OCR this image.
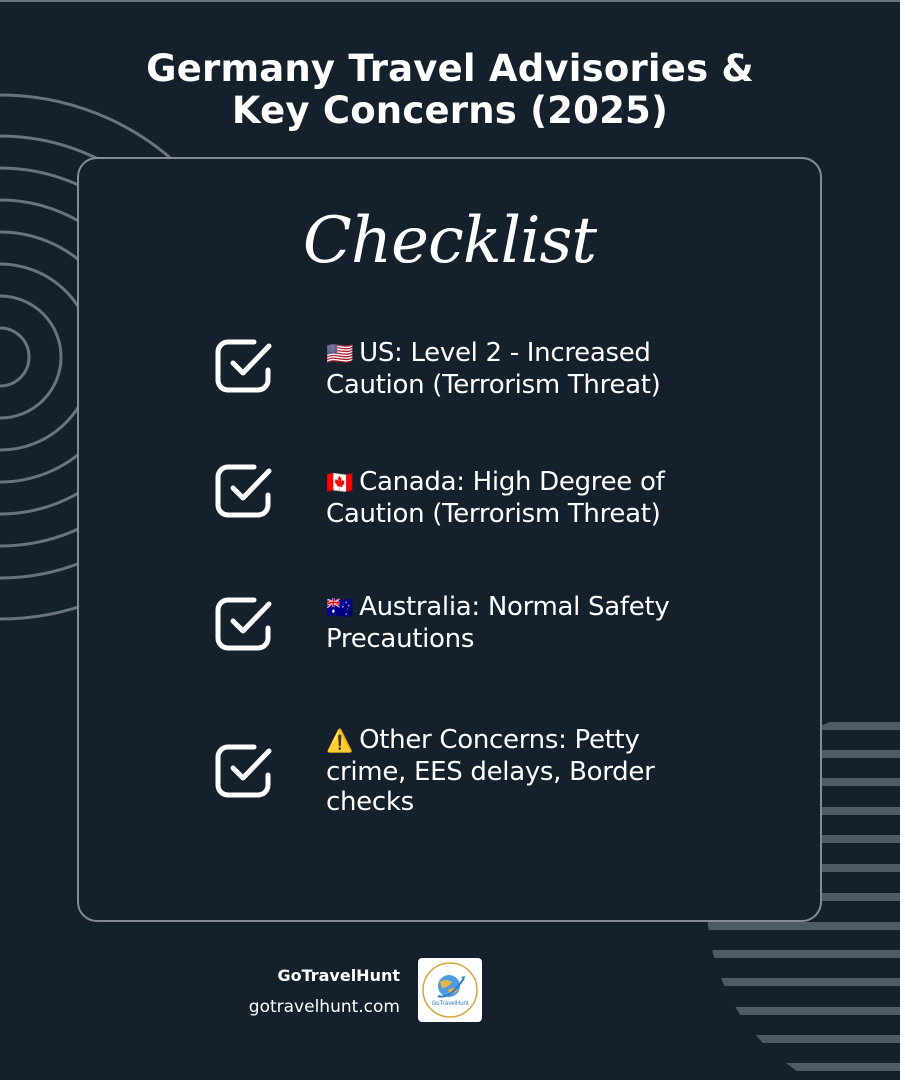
Germany Travel Advisories &
Key Concerns (2025)
Checklist
🇺🇸 US: Level 2 - Increased Caution (Terrorism Threat)
🇨🇦 Canada: High Degree of Caution (Terrorism Threat)
🇦🇺 Australia: Normal Safety Precautions
⚠️ Other Concerns: Petty crime, EES delays, Border checks
GoTravelHunt
gotravelhunt.com	GoTravelHunt
